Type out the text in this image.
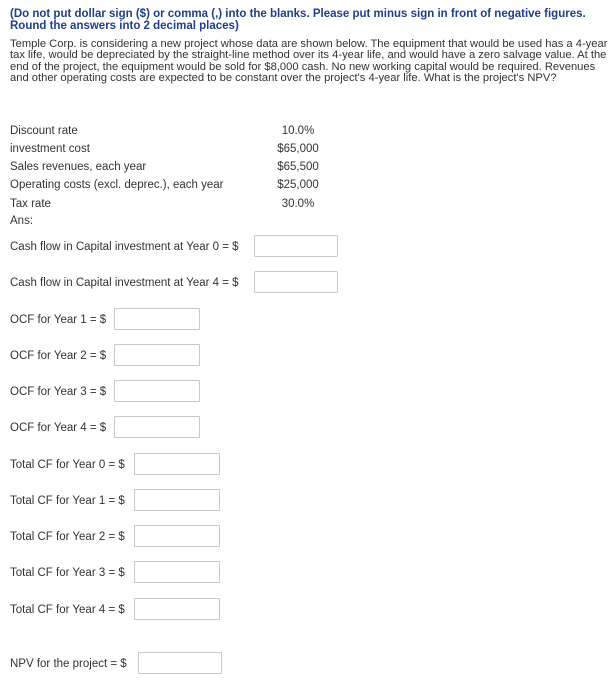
(Do not put dollar sign ($) or comma (,) into the blanks. Please put minus sign in front of negative figures. Round the answers into 2 decimal places)
Temple Corp. is considering a new project whose data are shown below. The equipment that would be used has a 4-year tax life, would be depreciated by the straight-line method over its 4-year life, and would have a zero salvage value. At the end of the project, the equipment would be sold for $8,000 cash. No new working capital would be required. Revenues and other operating costs are expected to be constant over the project's 4-year life. What is the project's NPV?
Discount rate	10.0%
investment cost	$65,000
Sales revenues, each year	$65,500
Operating costs (excl. deprec.), each year	$25,000
Tax rate	30.0%
Ans:
Cash flow in Capital investment at Year 0 = $
Cash flow in Capital investment at Year 4 = $
OCF for Year 1 = $
OCF for Year 2 = $
OCF for Year 3 = $
OCF for Year 4 = $
Total CF for Year 0 = $
Total CF for Year 1 = $
Total CF for Year 2 = $
Total CF for Year 3 = $
Total CF for Year 4 = $
NPV for the project = $
